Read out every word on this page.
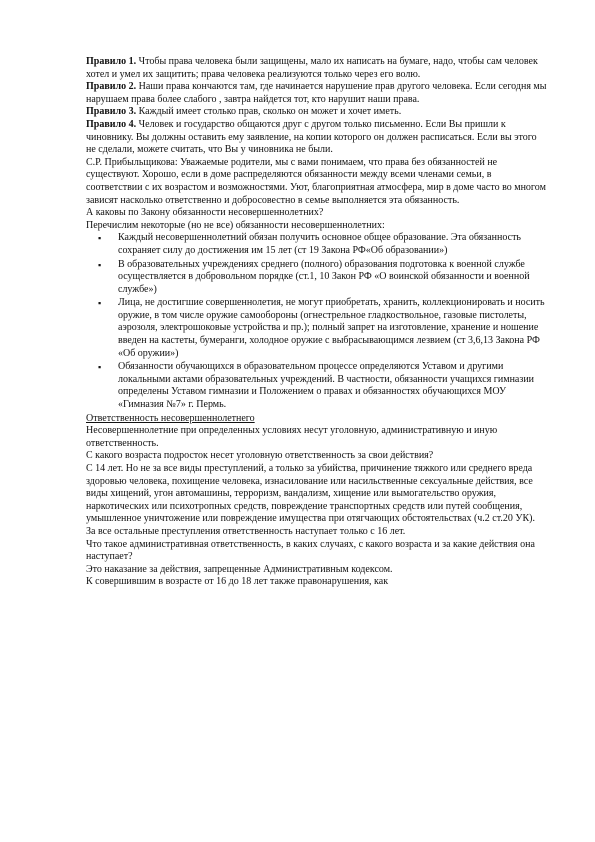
Правило 1. Чтобы права человека были защищены, мало их написать на бумаге, надо, чтобы сам человек хотел и умел их защитить; права человека реализуются только через его волю.

Правило 2. Наши права кончаются там, где начинается нарушение прав другого человека. Если сегодня мы нарушаем права более слабого , завтра найдется тот, кто нарушит наши права.

Правило 3. Каждый имеет столько прав, сколько он может и хочет иметь.

Правило 4. Человек и государство общаются друг с другом только письменно. Если Вы пришли к чиновнику. Вы должны оставить ему заявление, на копии которого он должен расписаться. Если вы этого не сделали, можете считать, что Вы у чиновника не были.

С.Р. Прибыльщикова: Уважаемые родители, мы с вами понимаем, что права без обязанностей не существуют. Хорошо, если в доме распределяются обязанности между всеми членами семьи, в соответствии с их возрастом и возможностями. Уют, благоприятная атмосфера, мир в доме часто во многом зависят насколько ответственно и добросовестно в семье выполняется эта обязанность.

А каковы по Закону обязанности несовершеннолетних?

Перечислим некоторые (но не все) обязанности несовершеннолетних:

▪ Каждый несовершеннолетний обязан получить основное общее образование. Эта обязанность сохраняет силу до достижения им 15 лет (ст 19 Закона РФ«Об образовании»)
▪ В образовательных учреждениях среднего (полного) образования подготовка к военной службе осуществляется в добровольном порядке (ст.1, 10 Закон РФ «О воинской обязанности и военной службе»)
▪ Лица, не достигшие совершеннолетия, не могут приобретать, хранить, коллекционировать и носить оружие, в том числе оружие самообороны (огнестрельное гладкоствольное, газовые пистолеты, аэрозоля, электрошоковые устройства и пр.); полный запрет на изготовление, хранение и ношение введен на кастеты, бумеранги, холодное оружие с выбрасывающимся лезвием (ст 3,6,13 Закона РФ «Об оружии»)
▪ Обязанности обучающихся в образовательном процессе определяются Уставом и другими локальными актами образовательных учреждений. В частности, обязанности учащихся гимназии определены Уставом гимназии и Положением о правах и обязанностях обучающихся МОУ «Гимназия №7» г. Пермь.

Ответственность несовершеннолетнего

Несовершеннолетние при определенных условиях несут уголовную, административную и иную ответственность.

С какого возраста подросток несет уголовную ответственность за свои действия?

С 14 лет. Но не за все виды преступлений, а только за убийства, причинение тяжкого или среднего вреда здоровью человека, похищение человека, изнасилование или насильственные сексуальные действия, все виды хищений, угон автомашины, терроризм, вандализм, хищение или вымогательство оружия, наркотических или психотропных средств, повреждение транспортных средств или путей сообщения, умышленное уничтожение или повреждение имущества при отягчающих обстоятельствах (ч.2 ст.20 УК).

За все остальные преступления ответственность наступает только с 16 лет.

Что такое административная ответственность, в каких случаях, с какого возраста и за какие действия она наступает?

Это наказание за действия, запрещенные Административным кодексом.

К совершившим в возрасте от 16 до 18 лет также правонарушения, как
